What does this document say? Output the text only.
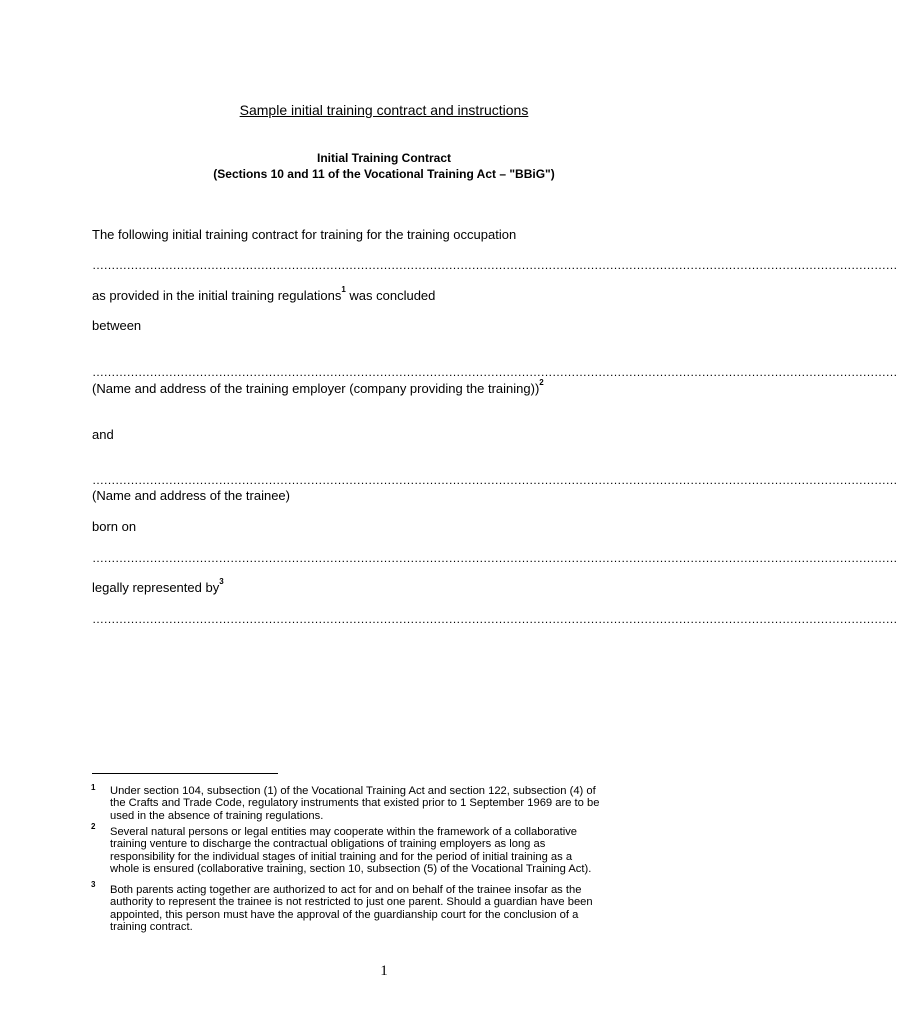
Sample initial training contract and instructions
Initial Training Contract
(Sections 10 and 11 of the Vocational Training Act – "BBiG")
The following initial training contract for training for the training occupation
…………………………………………………………………………………………………………………………………………………………………………………………
as provided in the initial training regulations$^1$ was concluded
between
…………………………………………………………………………………………………………………………………………………………………………………………
(Name and address of the training employer (company providing the training))$^2$
and
…………………………………………………………………………………………………………………………………………………………………………………………
(Name and address of the trainee)
born on
…………………………………………………………………………………………………………………………………………………………………………………………
legally represented $by^3$
…………………………………………………………………………………………………………………………………………………………………………………………
1 Under section 104, subsection (1) of the Vocational Training Act and section 122, subsection (4) of
the Crafts and Trade Code, regulatory instruments that existed prior to 1 September 1969 are to be
used in the absence of training regulations.
2 Several natural persons or legal entities may cooperate within the framework of a collaborative
training venture to discharge the contractual obligations of training employers as long as
responsibility for the individual stages of initial training and for the period of initial training as a
whole is ensured (collaborative training, section 10, subsection (5) of the Vocational Training Act).
3 Both parents acting together are authorized to act for and on behalf of the trainee insofar as the
authority to represent the trainee is not restricted to just one parent. Should a guardian have been
appointed, this person must have the approval of the guardianship court for the conclusion of a
training contract.
1
